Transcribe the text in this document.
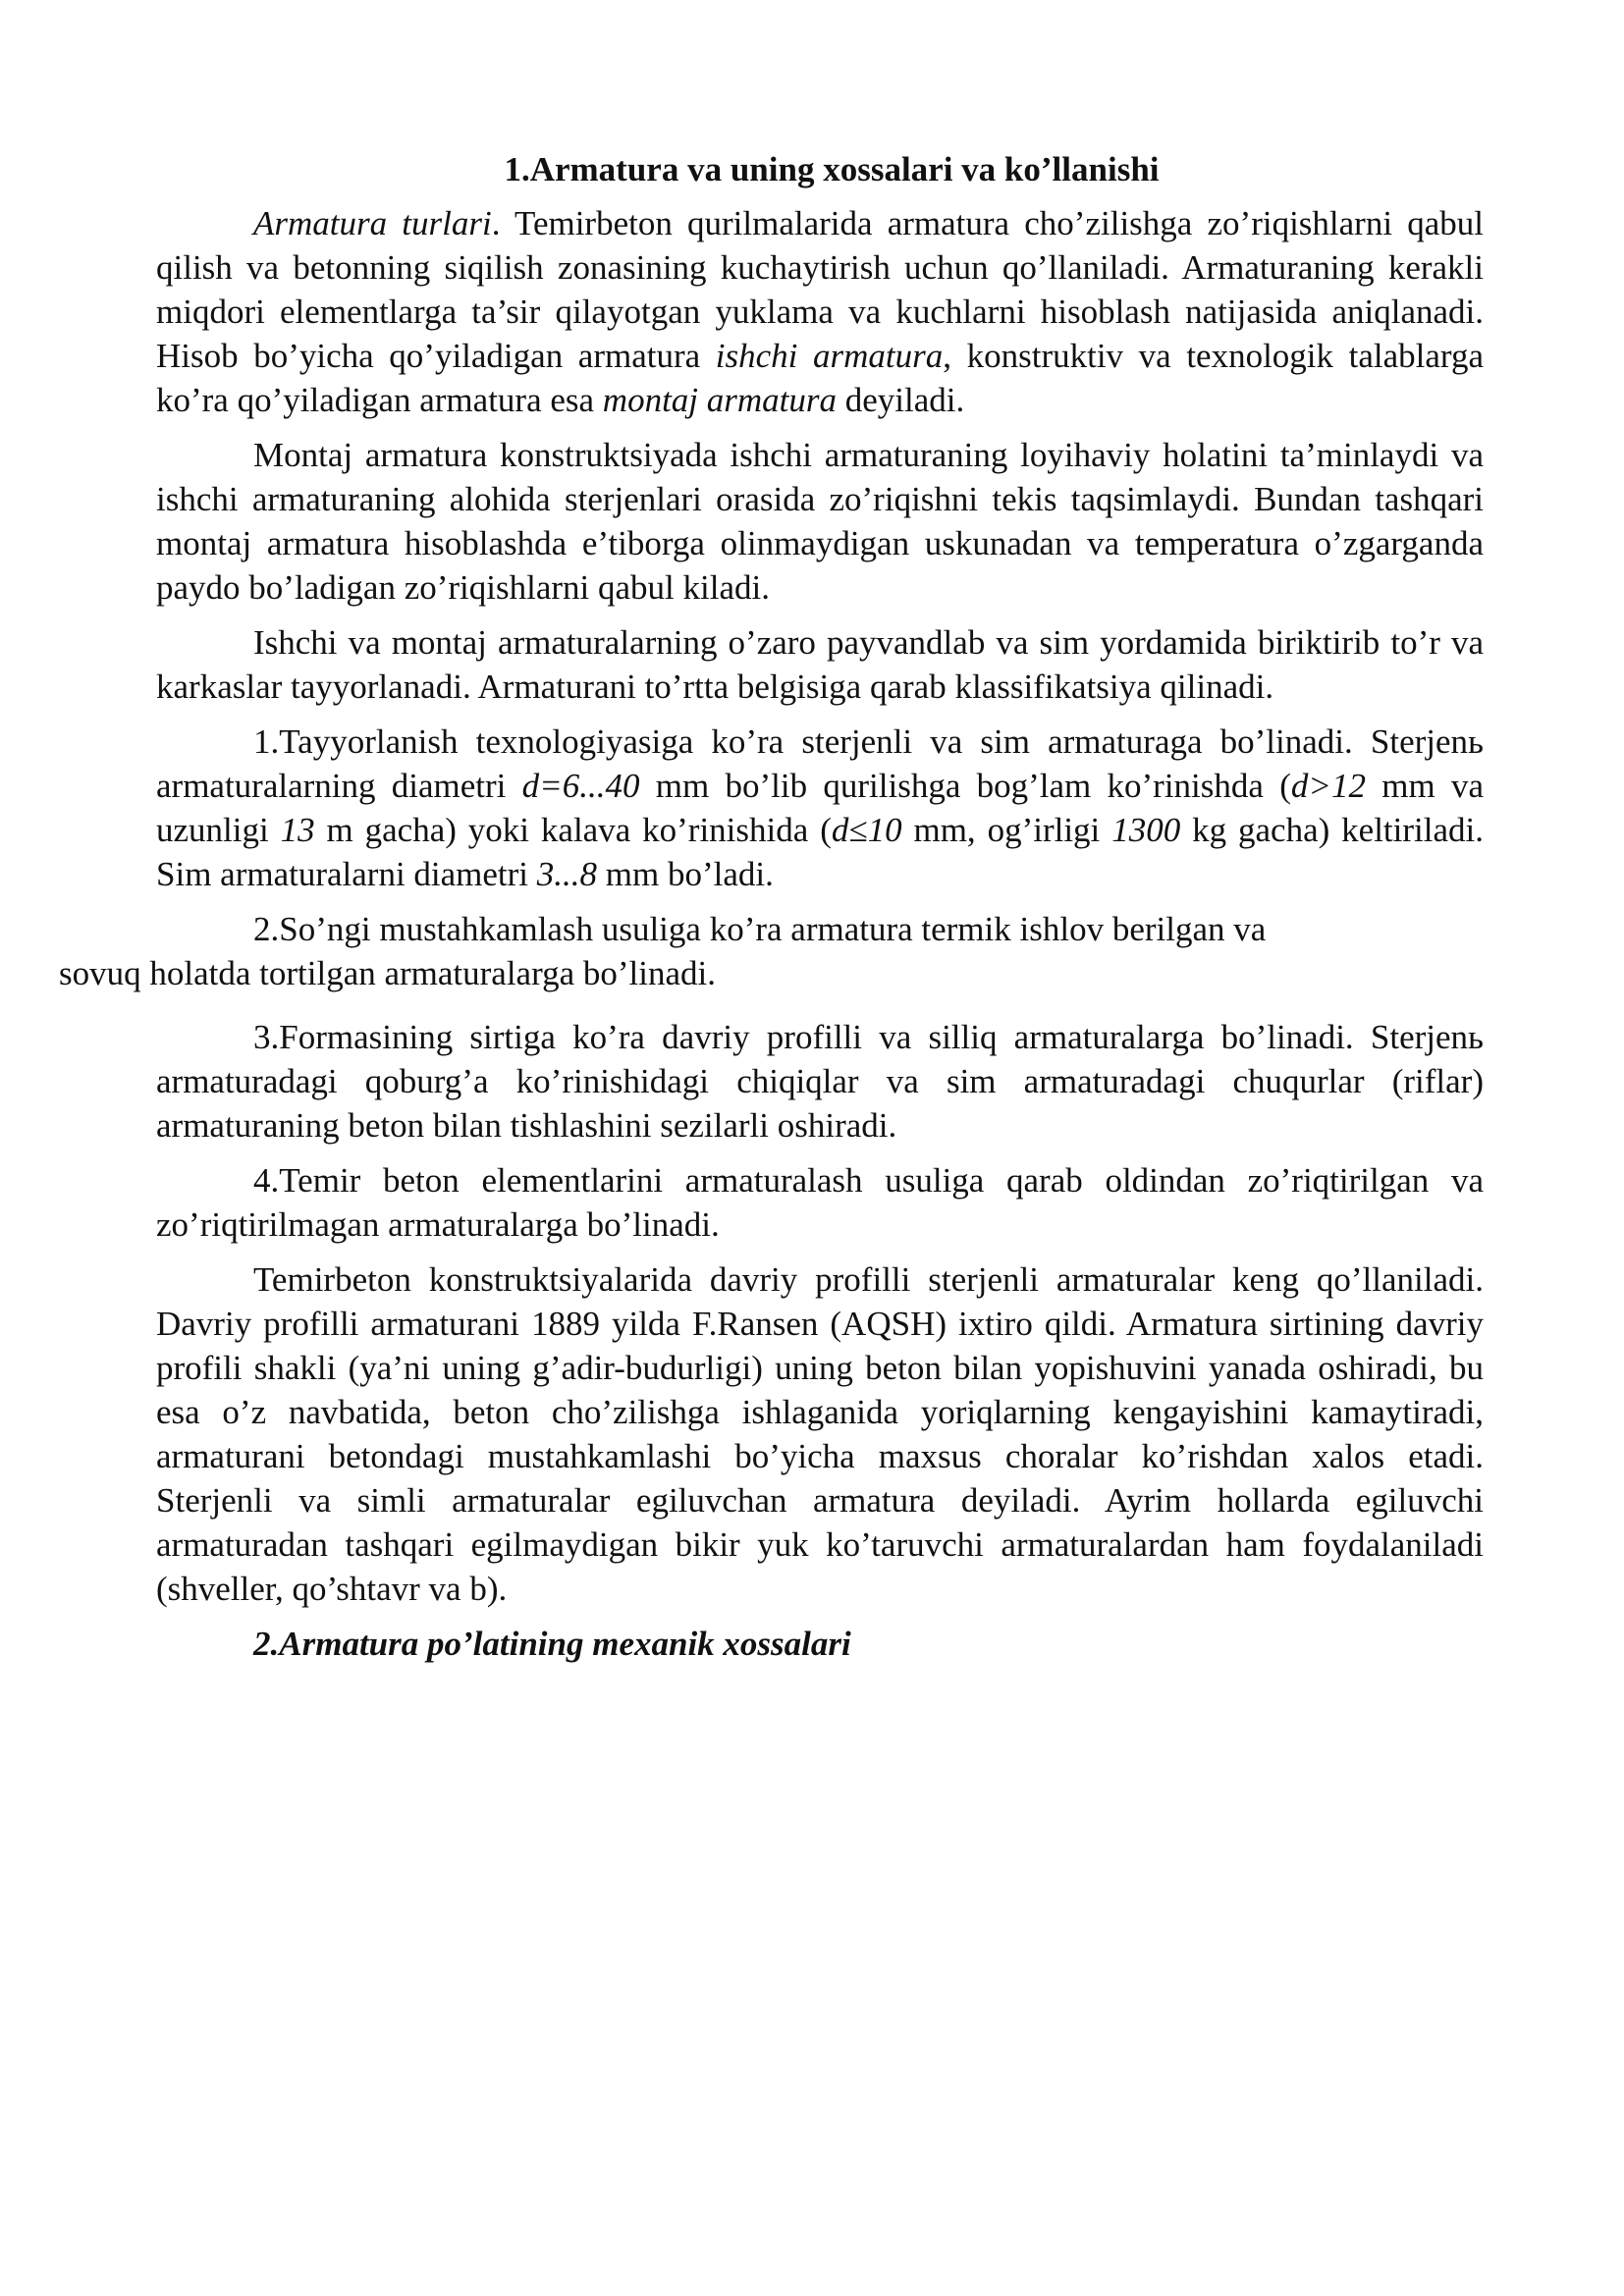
1.Armatura va uning xossalari va ko’llanishi

Armatura turlari. Temirbeton qurilmalarida armatura cho’zilishga zo’riqishlarni qabul qilish va betonning siqilish zonasining kuchaytirish uchun qo’llaniladi. Armaturaning kerakli miqdori elementlarga ta’sir qilayotgan yuklama va kuchlarni hisoblash natijasida aniqlanadi. Hisob bo’yicha qo’yiladigan armatura ishchi armatura, konstruktiv va texnologik talablarga ko’ra qo’yiladigan armatura esa montaj armatura deyiladi.

Montaj armatura konstruktsiyada ishchi armaturaning loyihaviy holatini ta’minlaydi va ishchi armaturaning alohida sterjenlari orasida zo’riqishni tekis taqsimlaydi. Bundan tashqari montaj armatura hisoblashda e’tiborga olinmaydigan uskunadan va temperatura o’zgarganda paydo bo’ladigan zo’riqishlarni qabul kiladi.

Ishchi va montaj armaturalarning o’zaro payvandlab va sim yordamida biriktirib to’r va karkaslar tayyorlanadi. Armaturani to’rtta belgisiga qarab klassifikatsiya qilinadi.

1.Tayyorlanish texnologiyasiga ko’ra sterjenli va sim armaturaga bo’linadi. Sterjenь armaturalarning diametri d=6...40 mm bo’lib qurilishga bog’lam ko’rinishda (d>12 mm va uzunligi 13 m gacha) yoki kalava ko’rinishida (d≤10 mm, og’irligi 1300 kg gacha) keltiriladi. Sim armaturalarni diametri 3...8 mm bo’ladi.

2.So’ngi mustahkamlash usuliga ko’ra armatura termik ishlov berilgan va
sovuq holatda tortilgan armaturalarga bo’linadi.

3.Formasining sirtiga ko’ra davriy profilli va silliq armaturalarga bo’linadi. Sterjenь armaturadagi qoburg’a ko’rinishidagi chiqiqlar va sim armaturadagi chuqurlar (riflar) armaturaning beton bilan tishlashini sezilarli oshiradi.

4.Temir beton elementlarini armaturalash usuliga qarab oldindan zo’riqtirilgan va zo’riqtirilmagan armaturalarga bo’linadi.

Temirbeton konstruktsiyalarida davriy profilli sterjenli armaturalar keng qo’llaniladi. Davriy profilli armaturani 1889 yilda F.Ransen (AQSH) ixtiro qildi. Armatura sirtining davriy profili shakli (ya’ni uning g’adir-budurligi) uning beton bilan yopishuvini yanada oshiradi, bu esa o’z navbatida, beton cho’zilishga ishlaganida yoriqlarning kengayishini kamaytiradi, armaturani betondagi mustahkamlashi bo’yicha maxsus choralar ko’rishdan xalos etadi. Sterjenli va simli armaturalar egiluvchan armatura deyiladi. Ayrim hollarda egiluvchi armaturadan tashqari egilmaydigan bikir yuk ko’taruvchi armaturalardan ham foydalaniladi (shveller, qo’shtavr va b).

2.Armatura po’latining mexanik xossalari
